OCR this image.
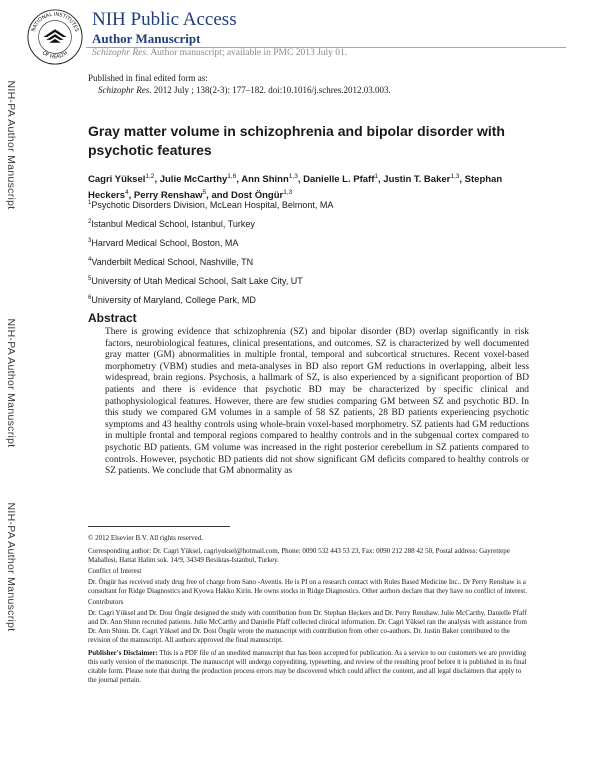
NATIONAL INSTITUTES
OF HEALTH
NIH Public Access
Author Manuscript
Schizophr Res. Author manuscript; available in PMC 2013 July 01.
Published in final edited form as:
Schizophr Res. 2012 July ; 138(2-3): 177–182. doi:10.1016/j.schres.2012.03.003.
NIH-PA Author Manuscript
NIH-PA Author Manuscript
NIH-PA Author Manuscript
Gray matter volume in schizophrenia and bipolar disorder with psychotic features
Cagri Yüksel$^{1,2}$, Julie McCarthy$^{1,6}$, Ann Shinn$^{1,3}$, Danielle L. Pfaff$^1$, Justin T. Baker$^{1,3}$, Stephan Heckers$^4$, Perry Renshaw$^5$, and Dost Öngür$^{1,3}$
$^1$Psychotic Disorders Division, McLean Hospital, Belmont, MA
$^2$Istanbul Medical School, Istanbul, Turkey
$^3$Harvard Medical School, Boston, MA
$^4$Vanderbilt Medical School, Nashville, TN
$^5$University of Utah Medical School, Salt Lake City, UT
$^6$University of Maryland, College Park, MD
Abstract

There is growing evidence that schizophrenia (SZ) and bipolar disorder (BD) overlap significantly in risk factors, neurobiological features, clinical presentations, and outcomes. SZ is characterized by well documented gray matter (GM) abnormalities in multiple frontal, temporal and subcortical structures. Recent voxel-based morphometry (VBM) studies and meta-analyses in BD also report GM reductions in overlapping, albeit less widespread, brain regions. Psychosis, a hallmark of SZ, is also experienced by a significant proportion of BD patients and there is evidence that psychotic BD may be characterized by specific clinical and pathophysiological features. However, there are few studies comparing GM between SZ and psychotic BD. In this study we compared GM volumes in a sample of 58 SZ patients, 28 BD patients experiencing psychotic symptoms and 43 healthy controls using whole-brain voxel-based morphometry. SZ patients had GM reductions in multiple frontal and temporal regions compared to healthy controls and in the subgenual cortex compared to psychotic BD patients. GM volume was increased in the right posterior cerebellum in SZ patients compared to controls. However, psychotic BD patients did not show significant GM deficits compared to healthy controls or SZ patients. We conclude that GM abnormality as

© 2012 Elsevier B.V. All rights reserved.

Corresponding author: Dr. Cagri Yüksel, cagriyuksel@hotmail.com, Phone: 0090 532 443 53 23, Fax: 0090 212 288 42 50, Postal address: Gayrettepe Mahallesi, Hattat Halim sok. 14/9, 34349 Besiktas-Istanbul, Turkey.

Conflict of Interest

Dr. Öngür has received study drug free of charge from Sano -Aventis. He is PI on a research contact with Rules Based Medicine Inc.. Dr Perry Renshaw is a consultant for Ridge Diagnostics and Kyowa Hakko Kirin. He owns stocks in Ridge Diagnostics. Other authors declare that they have no conflict of interest.

Contributors

Dr. Cagri Yüksel and Dr. Dost Öngür designed the study with contribution from Dr. Stephan Heckers and Dr. Perry Renshaw. Julie McCarthy, Danielle Pfaff and Dr. Ann Shinn recruited patients. Julie McCarthy and Danielle Pfaff collected clinical information. Dr. Cagri Yüksel ran the analysis with asistance from Dr. Ann Shinn. Dr. Cagri Yüksel and Dr. Dost Öngür wrote the manuscript with contribution from other co-authors. Dr. Justin Baker contributed to the revision of the manuscript. All authors approved the final manuscript.

Publisher's Disclaimer: This is a PDF file of an unedited manuscript that has been accepted for publication. As a service to our customers we are providing this early version of the manuscript. The manuscript will undergo copyediting, typesetting, and review of the resulting proof before it is published in its final citable form. Please note that during the production process errors may be discovered which could affect the content, and all legal disclaimers that apply to the journal pertain.
